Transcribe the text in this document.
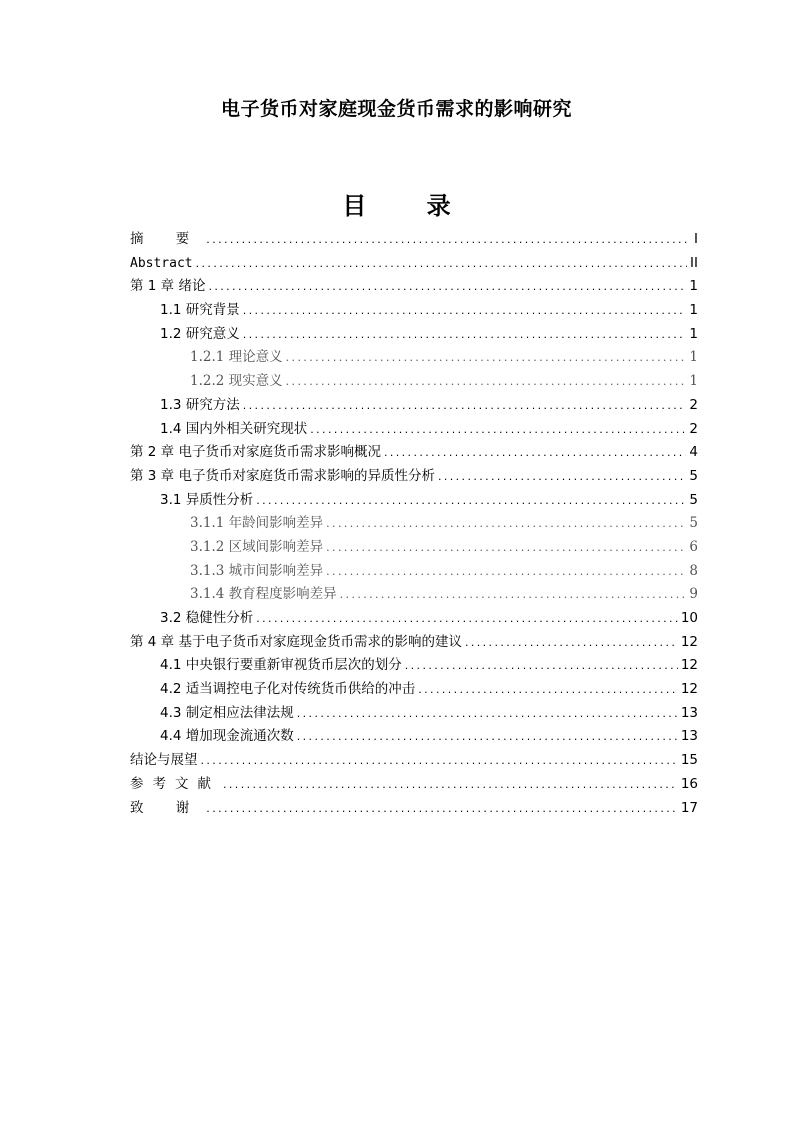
电子货币对家庭现金货币需求的影响研究
目 录
摘 要 .....	I
Abstract .....	II
第 1 章 绪论 .....	1
1.1 研究背景 .....	1
1.2 研究意义 .....	1
1.2.1 理论意义 .....	1
1.2.2 现实意义 .....	1
1.3 研究方法 .....	2
1.4 国内外相关研究现状 .....	2
第 2 章 电子货币对家庭货币需求影响概况 .....	4
第 3 章 电子货币对家庭货币需求影响的异质性分析 .....	5
3.1 异质性分析 .....	5
3.1.1 年龄间影响差异 .....	5
3.1.2 区域间影响差异 .....	6
3.1.3 城市间影响差异 .....	8
3.1.4 教育程度影响差异 .....	9
3.2 稳健性分析 .....	10
第 4 章 基于电子货币对家庭现金货币需求的影响的建议 .....	12
4.1 中央银行要重新审视货币层次的划分 .....	12
4.2 适当调控电子化对传统货币供给的冲击 .....	12
4.3 制定相应法律法规 .....	13
4.4 增加现金流通次数 .....	13
结论与展望 .....	15
参考文献 .....	16
致 谢 .....	17
